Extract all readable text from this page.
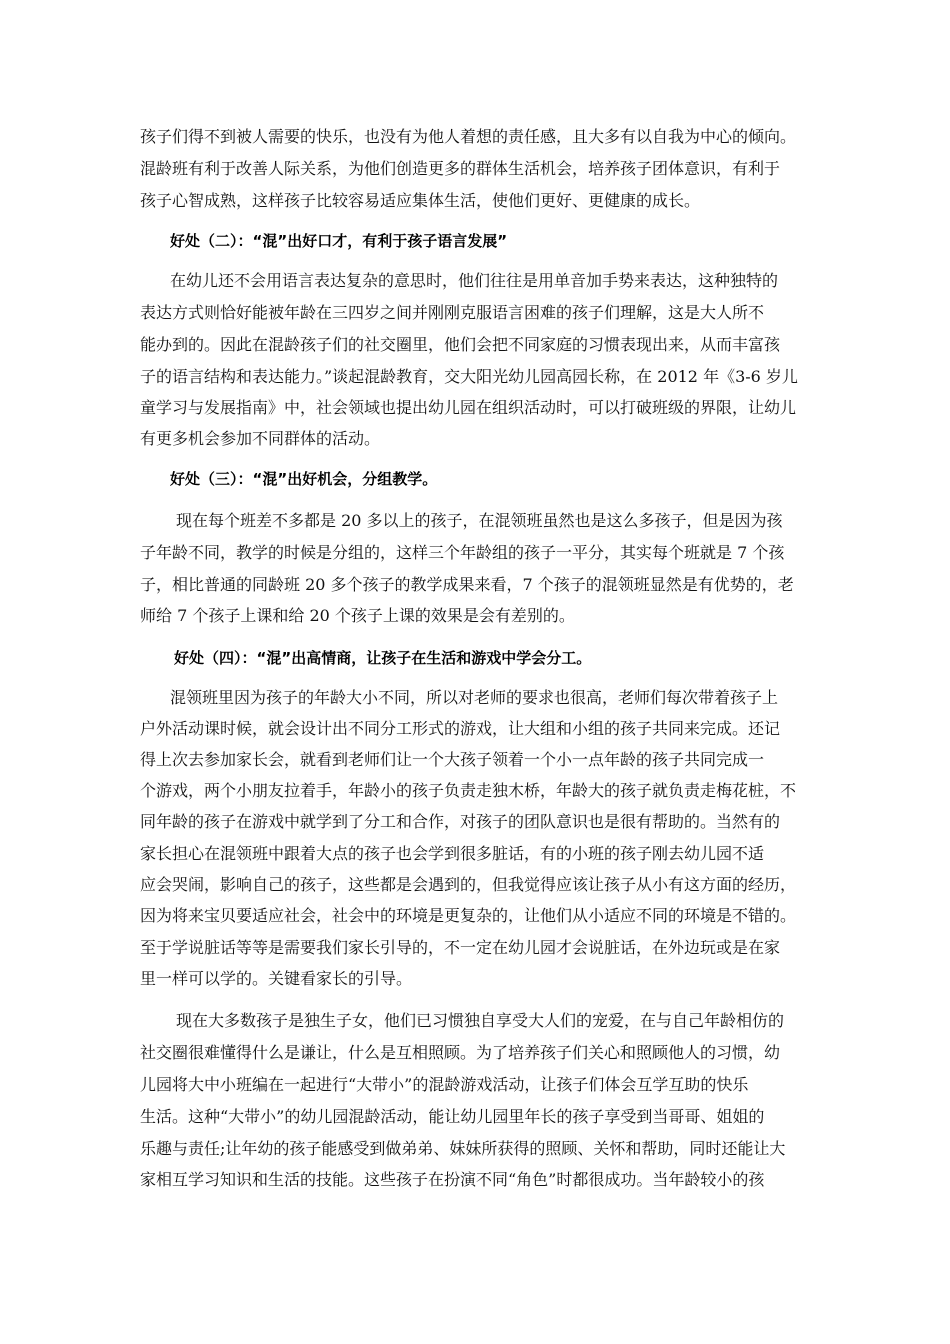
孩子们得不到被人需要的快乐，也没有为他人着想的责任感，且大多有以自我为中心的倾向。

混龄班有利于改善人际关系，为他们创造更多的群体生活机会，培养孩子团体意识，有利于

孩子心智成熟，这样孩子比较容易适应集体生活，使他们更好、更健康的成长。

好处（二）：“混”出好口才，有利于孩子语言发展”

在幼儿还不会用语言表达复杂的意思时，他们往往是用单音加手势来表达，这种独特的

表达方式则恰好能被年龄在三四岁之间并刚刚克服语言困难的孩子们理解，这是大人所不

能办到的。因此在混龄孩子们的社交圈里，他们会把不同家庭的习惯表现出来，从而丰富孩

子的语言结构和表达能力。”谈起混龄教育，交大阳光幼儿园高园长称，在 2012 年《3-6 岁儿

童学习与发展指南》中，社会领域也提出幼儿园在组织活动时，可以打破班级的界限，让幼儿

有更多机会参加不同群体的活动。

好处（三）：“混”出好机会，分组教学。

现在每个班差不多都是 20 多以上的孩子，在混领班虽然也是这么多孩子，但是因为孩

子年龄不同，教学的时候是分组的，这样三个年龄组的孩子一平分，其实每个班就是 7 个孩

子，相比普通的同龄班 20 多个孩子的教学成果来看，7 个孩子的混领班显然是有优势的，老

师给 7 个孩子上课和给 20 个孩子上课的效果是会有差别的。

好处（四）：“混”出高情商，让孩子在生活和游戏中学会分工。

混领班里因为孩子的年龄大小不同，所以对老师的要求也很高，老师们每次带着孩子上

户外活动课时候，就会设计出不同分工形式的游戏，让大组和小组的孩子共同来完成。还记

得上次去参加家长会，就看到老师们让一个大孩子领着一个小一点年龄的孩子共同完成一

个游戏，两个小朋友拉着手，年龄小的孩子负责走独木桥，年龄大的孩子就负责走梅花桩，不

同年龄的孩子在游戏中就学到了分工和合作，对孩子的团队意识也是很有帮助的。当然有的

家长担心在混领班中跟着大点的孩子也会学到很多脏话，有的小班的孩子刚去幼儿园不适

应会哭闹，影响自己的孩子，这些都是会遇到的，但我觉得应该让孩子从小有这方面的经历，

因为将来宝贝要适应社会，社会中的环境是更复杂的，让他们从小适应不同的环境是不错的。

至于学说脏话等等是需要我们家长引导的，不一定在幼儿园才会说脏话，在外边玩或是在家

里一样可以学的。关键看家长的引导。

现在大多数孩子是独生子女，他们已习惯独自享受大人们的宠爱，在与自己年龄相仿的

社交圈很难懂得什么是谦让，什么是互相照顾。为了培养孩子们关心和照顾他人的习惯，幼

儿园将大中小班编在一起进行“大带小”的混龄游戏活动，让孩子们体会互学互助的快乐

生活。这种“大带小”的幼儿园混龄活动，能让幼儿园里年长的孩子享受到当哥哥、姐姐的

乐趣与责任;让年幼的孩子能感受到做弟弟、妹妹所获得的照顾、关怀和帮助，同时还能让大

家相互学习知识和生活的技能。这些孩子在扮演不同“角色”时都很成功。当年龄较小的孩
